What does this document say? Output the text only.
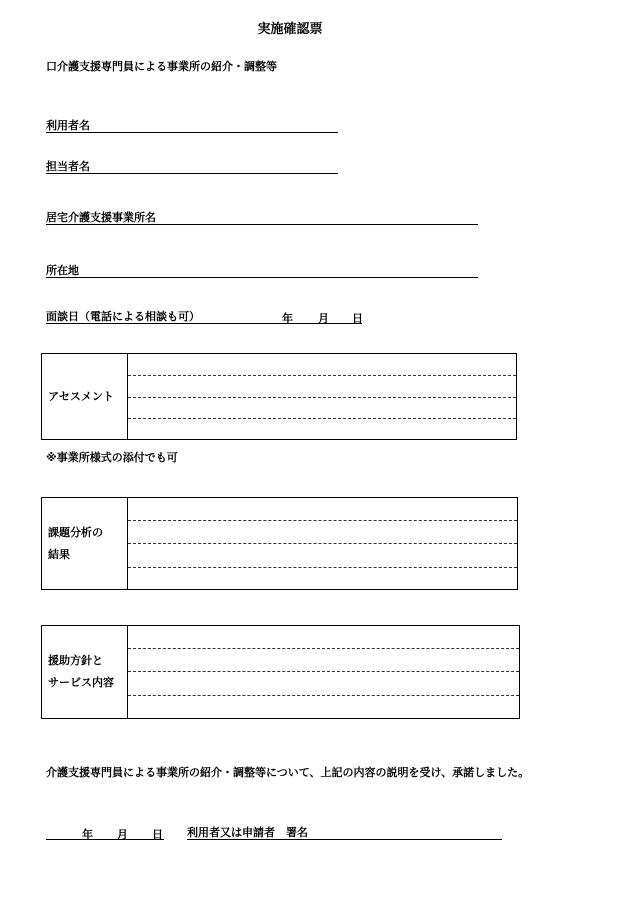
実施確認票
口介護支援専門員による事業所の紹介・調整等
利用者名
担当者名
居宅介護支援事業所名
所在地
面談日（電話による相談も可）	年 月 日
アセスメント
※事業所様式の添付でも可
課題分析の
結果
援助方針と
サービス内容
介護支援専門員による事業所の紹介・調整等について、上記の内容の説明を受け、承諾しました。
年 月 日 利用者又は申請者　署名
